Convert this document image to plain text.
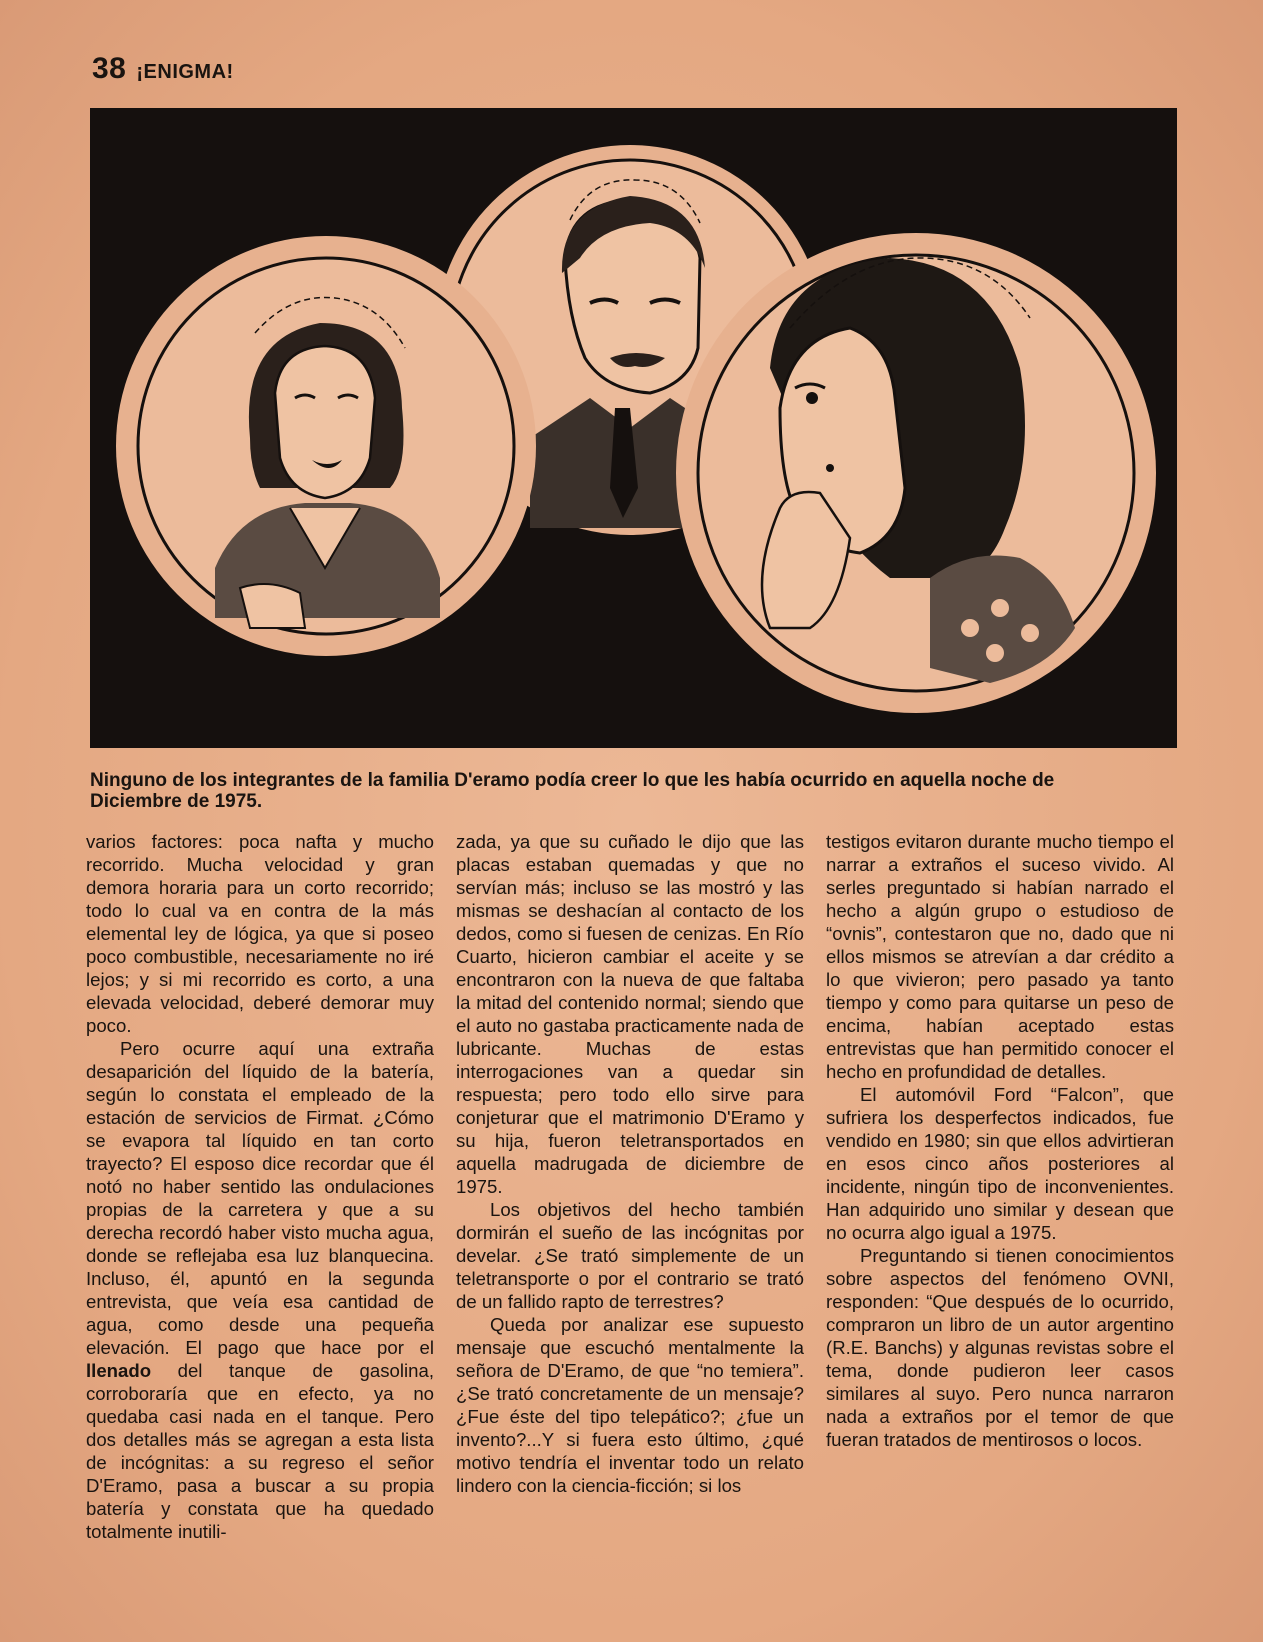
38 ¡ENIGMA!
Ninguno de los integrantes de la familia D'eramo podía creer lo que les había ocurrido en aquella noche de Diciembre de 1975.

varios factores: poca nafta y mucho recorrido. Mucha velocidad y gran demora horaria para un corto recorrido; todo lo cual va en contra de la más elemental ley de lógica, ya que si poseo poco combustible, necesariamente no iré lejos; y si mi recorrido es corto, a una elevada velocidad, deberé demorar muy poco.

Pero ocurre aquí una extraña desaparición del líquido de la batería, según lo constata el empleado de la estación de servicios de Firmat. ¿Cómo se evapora tal líquido en tan corto trayecto? El esposo dice recordar que él notó no haber sentido las ondulaciones propias de la carretera y que a su derecha recordó haber visto mucha agua, donde se reflejaba esa luz blanquecina. Incluso, él, apuntó en la segunda entrevista, que veía esa cantidad de agua, como desde una pequeña elevación. El pago que hace por el llenado del tanque de gasolina, corroboraría que en efecto, ya no quedaba casi nada en el tanque. Pero dos detalles más se agregan a esta lista de incógnitas: a su regreso el señor D'Eramo, pasa a buscar a su propia batería y constata que ha quedado totalmente inutili-

zada, ya que su cuñado le dijo que las placas estaban quemadas y que no servían más; incluso se las mostró y las mismas se deshacían al contacto de los dedos, como si fuesen de cenizas. En Río Cuarto, hicieron cambiar el aceite y se encontraron con la nueva de que faltaba la mitad del contenido normal; siendo que el auto no gastaba practicamente nada de lubricante. Muchas de estas interrogaciones van a quedar sin respuesta; pero todo ello sirve para conjeturar que el matrimonio D'Eramo y su hija, fueron teletransportados en aquella madrugada de diciembre de 1975.

Los objetivos del hecho también dormirán el sueño de las incógnitas por develar. ¿Se trató simplemente de un teletransporte o por el contrario se trató de un fallido rapto de terrestres?

Queda por analizar ese supuesto mensaje que escuchó mentalmente la señora de D'Eramo, de que “no temiera”. ¿Se trató concretamente de un mensaje? ¿Fue éste del tipo telepático?; ¿fue un invento?...Y si fuera esto último, ¿qué motivo tendría el inventar todo un relato lindero con la ciencia-ficción; si los

testigos evitaron durante mucho tiempo el narrar a extraños el suceso vivido. Al serles preguntado si habían narrado el hecho a algún grupo o estudioso de “ovnis”, contestaron que no, dado que ni ellos mismos se atrevían a dar crédito a lo que vivieron; pero pasado ya tanto tiempo y como para quitarse un peso de encima, habían aceptado estas entrevistas que han permitido conocer el hecho en profundidad de detalles.

El automóvil Ford “Falcon”, que sufriera los desperfectos indicados, fue vendido en 1980; sin que ellos advirtieran en esos cinco años posteriores al incidente, ningún tipo de inconvenientes. Han adquirido uno similar y desean que no ocurra algo igual a 1975.

Preguntando si tienen conocimientos sobre aspectos del fenómeno OVNI, responden: “Que después de lo ocurrido, compraron un libro de un autor argentino (R.E. Banchs) y algunas revistas sobre el tema, donde pudieron leer casos similares al suyo. Pero nunca narraron nada a extraños por el temor de que fueran tratados de mentirosos o locos.
